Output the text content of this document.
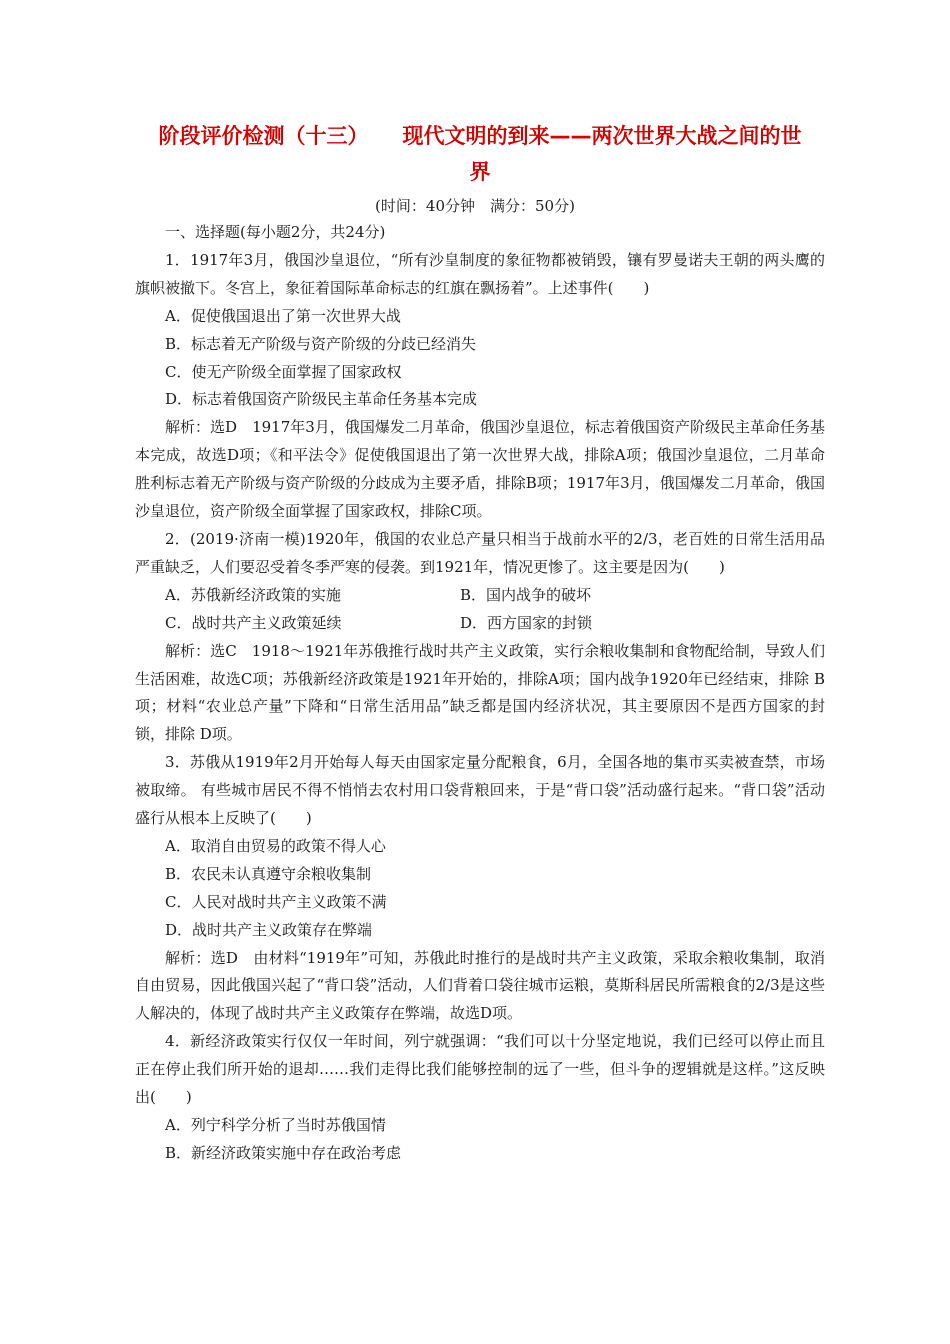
阶段评价检测（十三） 现代文明的到来——两次世界大战之间的世
界
(时间：40分钟　满分：50分)

一、选择题(每小题2分，共24分)

1．1917年3月，俄国沙皇退位，“所有沙皇制度的象征物都被销毁，镶有罗曼诺夫王朝的两头鹰的旗帜被撤下。冬宫上，象征着国际革命标志的红旗在飘扬着”。上述事件(　　)

A．促使俄国退出了第一次世界大战

B．标志着无产阶级与资产阶级的分歧已经消失

C．使无产阶级全面掌握了国家政权

D．标志着俄国资产阶级民主革命任务基本完成

解析：选D　1917年3月，俄国爆发二月革命，俄国沙皇退位，标志着俄国资产阶级民主革命任务基本完成，故选D项；《和平法令》促使俄国退出了第一次世界大战，排除A项；俄国沙皇退位，二月革命胜利标志着无产阶级与资产阶级的分歧成为主要矛盾，排除B项；1917年3月，俄国爆发二月革命，俄国沙皇退位，资产阶级全面掌握了国家政权，排除C项。

2．(2019·济南一模)1920年，俄国的农业总产量只相当于战前水平的2/3，老百姓的日常生活用品严重缺乏，人们要忍受着冬季严寒的侵袭。到1921年，情况更惨了。这主要是因为(　　)

A．苏俄新经济政策的实施	B．国内战争的破坏
C．战时共产主义政策延续	D．西方国家的封锁

解析：选C　1918～1921年苏俄推行战时共产主义政策，实行余粮收集制和食物配给制，导致人们生活困难，故选C项；苏俄新经济政策是1921年开始的，排除A项；国内战争1920年已经结束，排除 B项；材料“农业总产量”下降和“日常生活用品”缺乏都是国内经济状况，其主要原因不是西方国家的封锁，排除 D项。

3．苏俄从1919年2月开始每人每天由国家定量分配粮食，6月，全国各地的集市买卖被查禁，市场被取缔。 有些城市居民不得不悄悄去农村用口袋背粮回来，于是“背口袋”活动盛行起来。“背口袋”活动盛行从根本上反映了(　　)

A．取消自由贸易的政策不得人心

B．农民未认真遵守余粮收集制

C．人民对战时共产主义政策不满

D．战时共产主义政策存在弊端

解析：选D　由材料“1919年”可知，苏俄此时推行的是战时共产主义政策，采取余粮收集制，取消自由贸易，因此俄国兴起了“背口袋”活动，人们背着口袋往城市运粮，莫斯科居民所需粮食的2/3是这些人解决的，体现了战时共产主义政策存在弊端，故选D项。

4．新经济政策实行仅仅一年时间，列宁就强调：“我们可以十分坚定地说，我们已经可以停止而且正在停止我们所开始的退却……我们走得比我们能够控制的远了一些，但斗争的逻辑就是这样。”这反映出(　　)

A．列宁科学分析了当时苏俄国情

B．新经济政策实施中存在政治考虑
